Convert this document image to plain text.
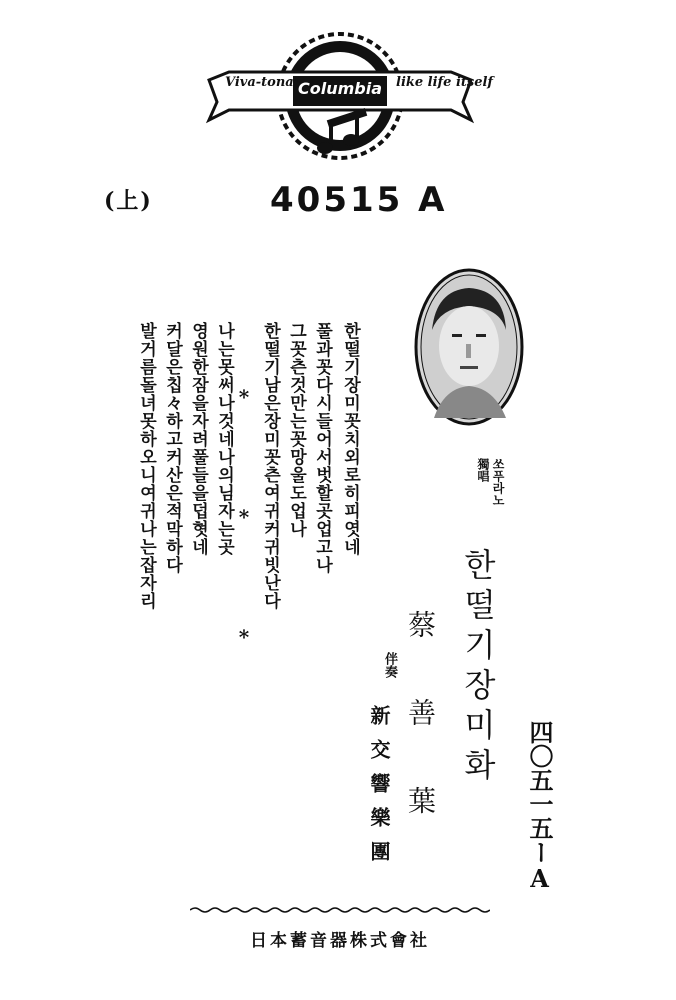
Viva-tonal Columbia like life itself
(上)	40515 A
한떨기장미꼿치외로히피엿네
풀과꼿다시들어서벗할곳업고나
그꼿츤것만는꼿망울도업나
한떨기남은장미꼿츤여귀커귀빗난다
* * *
나는못써나것네나의님자는곳
영원한잠을자려풀들을덥혓네
커달은칩々하고커산은적막하다
발거름돌녀못하오니여귀나는잡자리	獨唱 쏘푸라노
한떨기장미화
蔡善葉
伴奏
新交響樂團	四〇五一五ーA
日本蓄音器株式會社
